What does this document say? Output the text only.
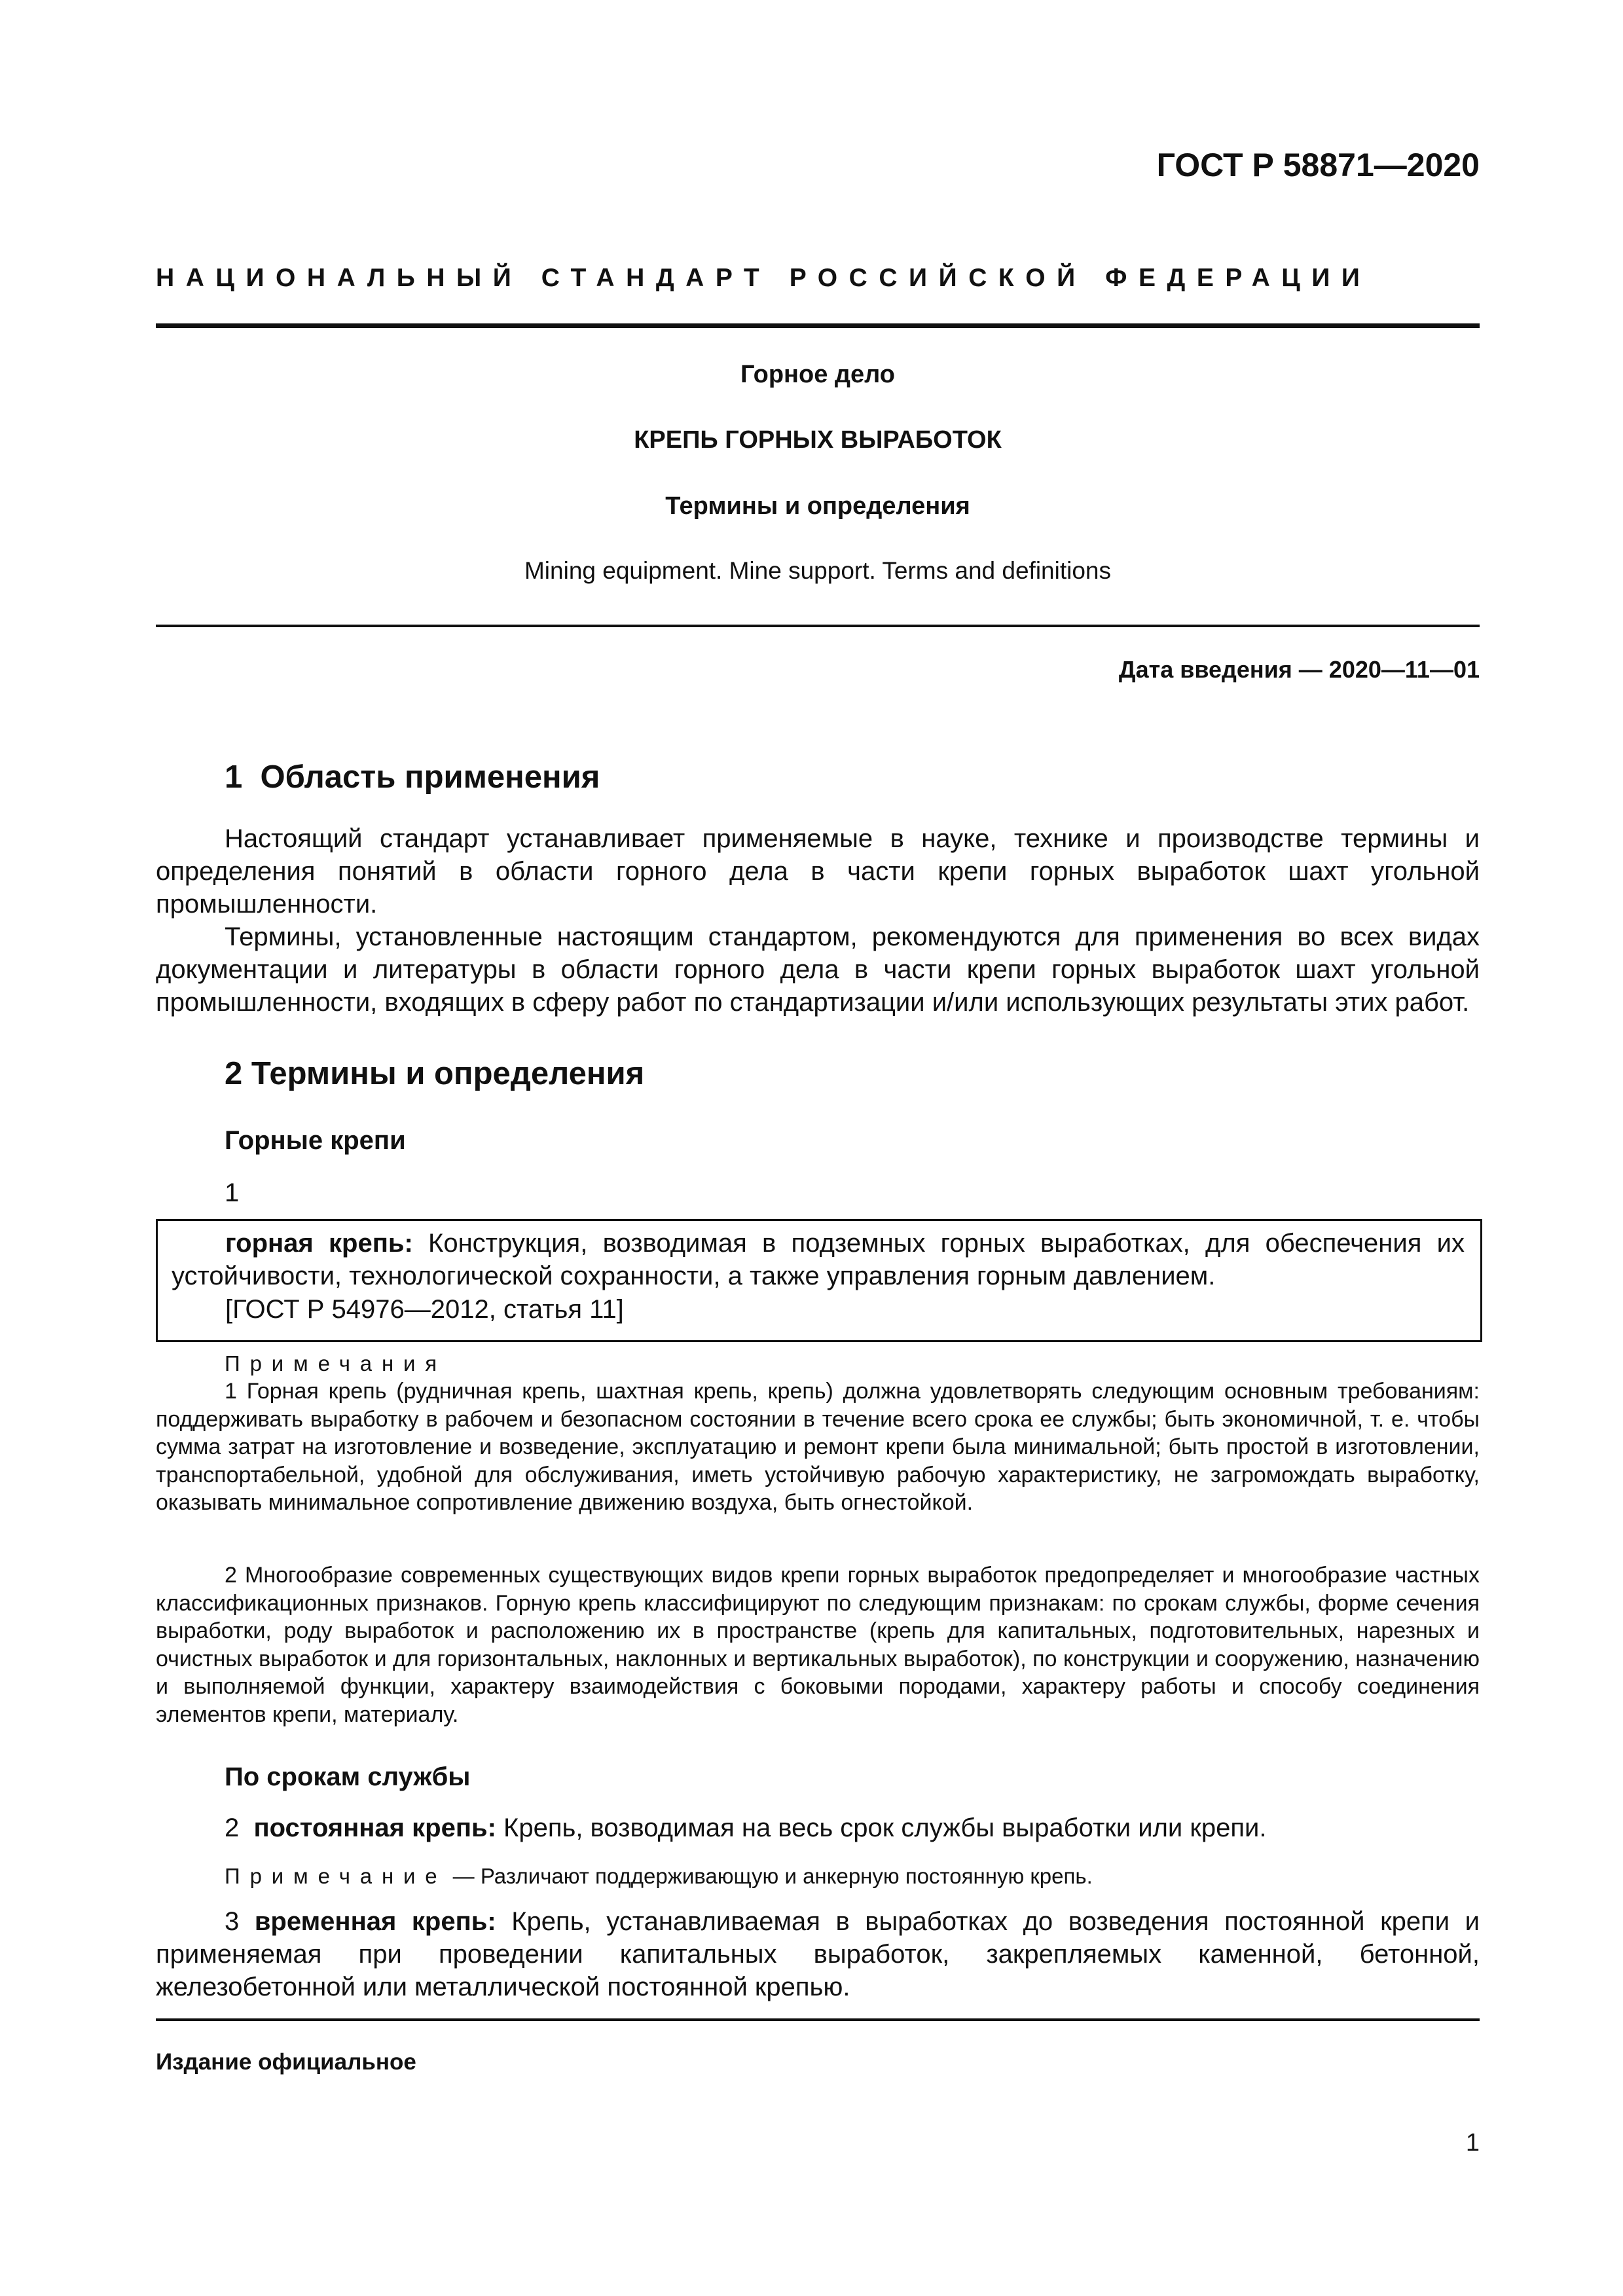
ГОСТ Р 58871—2020
НАЦИОНАЛЬНЫЙ СТАНДАРТ РОССИЙСКОЙ ФЕДЕРАЦИИ
Горное дело
КРЕПЬ ГОРНЫХ ВЫРАБОТОК
Термины и определения
Mining equipment. Mine support. Terms and definitions
Дата введения — 2020—11—01
1  Область применения
Настоящий стандарт устанавливает применяемые в науке, технике и производстве термины и определения понятий в области горного дела в части крепи горных выработок шахт угольной промышленности.
Термины, установленные настоящим стандартом, рекомендуются для применения во всех видах документации и литературы в области горного дела в части крепи горных выработок шахт угольной промышленности, входящих в сферу работ по стандартизации и/или использующих результаты этих работ.
2 Термины и определения
Горные крепи
1
горная крепь: Конструкция, возводимая в подземных горных выработках, для обеспечения их устойчивости, технологической сохранности, а также управления горным давлением.
[ГОСТ Р 54976—2012, статья 11]
Примечания
1 Горная крепь (рудничная крепь, шахтная крепь, крепь) должна удовлетворять следующим основным требованиям: поддерживать выработку в рабочем и безопасном состоянии в течение всего срока ее службы; быть экономичной, т. е. чтобы сумма затрат на изготовление и возведение, эксплуатацию и ремонт крепи была минимальной; быть простой в изготовлении, транспортабельной, удобной для обслуживания, иметь устойчивую рабочую характеристику, не загромождать выработку, оказывать минимальное сопротивление движению воздуха, быть огнестойкой.
2 Многообразие современных существующих видов крепи горных выработок предопределяет и многообразие частных классификационных признаков. Горную крепь классифицируют по следующим признакам: по срокам службы, форме сечения выработки, роду выработок и расположению их в пространстве (крепь для капитальных, подготовительных, нарезных и очистных выработок и для горизонтальных, наклонных и вертикальных выработок), по конструкции и сооружению, назначению и выполняемой функции, характеру взаимодействия с боковыми породами, характеру работы и способу соединения элементов крепи, материалу.
По срокам службы
2 постоянная крепь: Крепь, возводимая на весь срок службы выработки или крепи.
Примечание — Различают поддерживающую и анкерную постоянную крепь.
3 временная крепь: Крепь, устанавливаемая в выработках до возведения постоянной крепи и применяемая при проведении капитальных выработок, закрепляемых каменной, бетонной, железобетонной или металлической постоянной крепью.
Издание официальное
1
